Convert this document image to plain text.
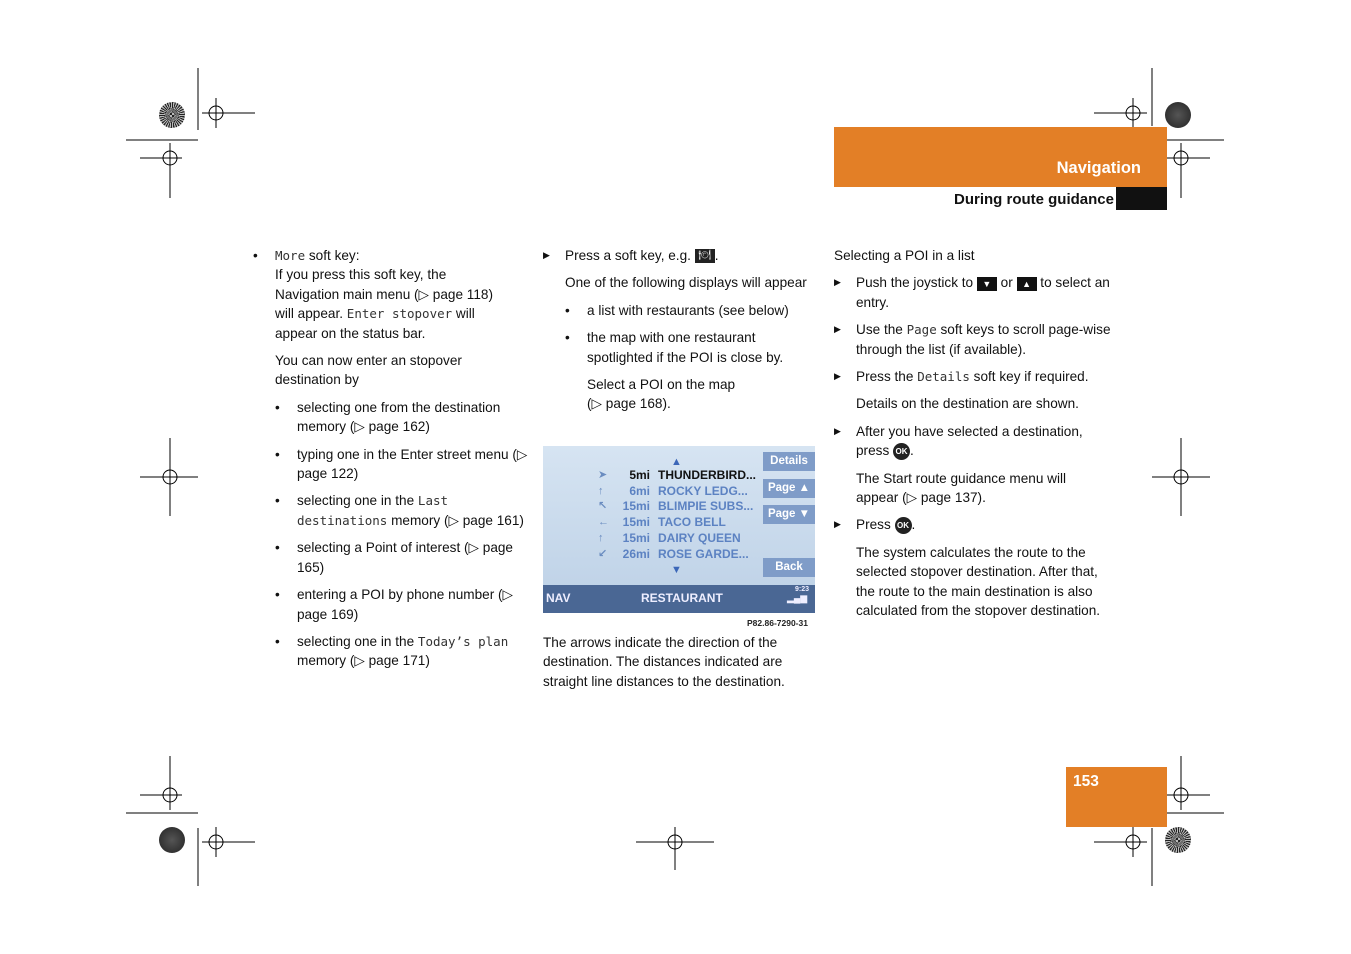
Navigation
During route guidance
• More soft key:
If you press this soft key, the
Navigation main menu (▷ page 118)
will appear. Enter stopover will
appear on the status bar.

You can now enter an stopover destination by

• selecting one from the destination memory (▷ page 162)
• typing one in the Enter street menu (▷ page 122)
• selecting one in the Last destinations memory (▷ page 161)
• selecting a Point of interest (▷ page 165)
• entering a POI by phone number (▷ page 169)
• selecting one in the Today’s plan memory (▷ page 171)
▶ Press a soft key, e.g. 🍽 .

One of the following displays will appear

• a list with restaurants (see below)
• the map with one restaurant spotlighted if the POI is close by.

Select a POI on the map
(▷ page 168).

▲
➤	5mi THUNDERBIRD...
↑	6mi ROCKY LEDG...
↖	15mi BLIMPIE SUBS...
←	15mi TACO BELL
↑	15mi DAIRY QUEEN
↙	26mi ROSE GARDE...
▼
Details
Page ▲
Page ▼
Back
NAV	RESTAURANT
9:23
▂▄▆
P82.86-7290-31

The arrows indicate the direction of the destination. The distances indicated are straight line distances to the destination.

Selecting a POI in a list

▶ Push the joystick to ▼ or ▲ to select an entry.
▶ Use the Page soft keys to scroll page-wise through the list (if available).
▶ Press the Details soft key if required.

Details on the destination are shown.

▶ After you have selected a destination, press OK .

The Start route guidance menu will appear (▷ page 137).

▶ Press OK .

The system calculates the route to the selected stopover destination. After that, the route to the main destination is also calculated from the stopover destination.

153
